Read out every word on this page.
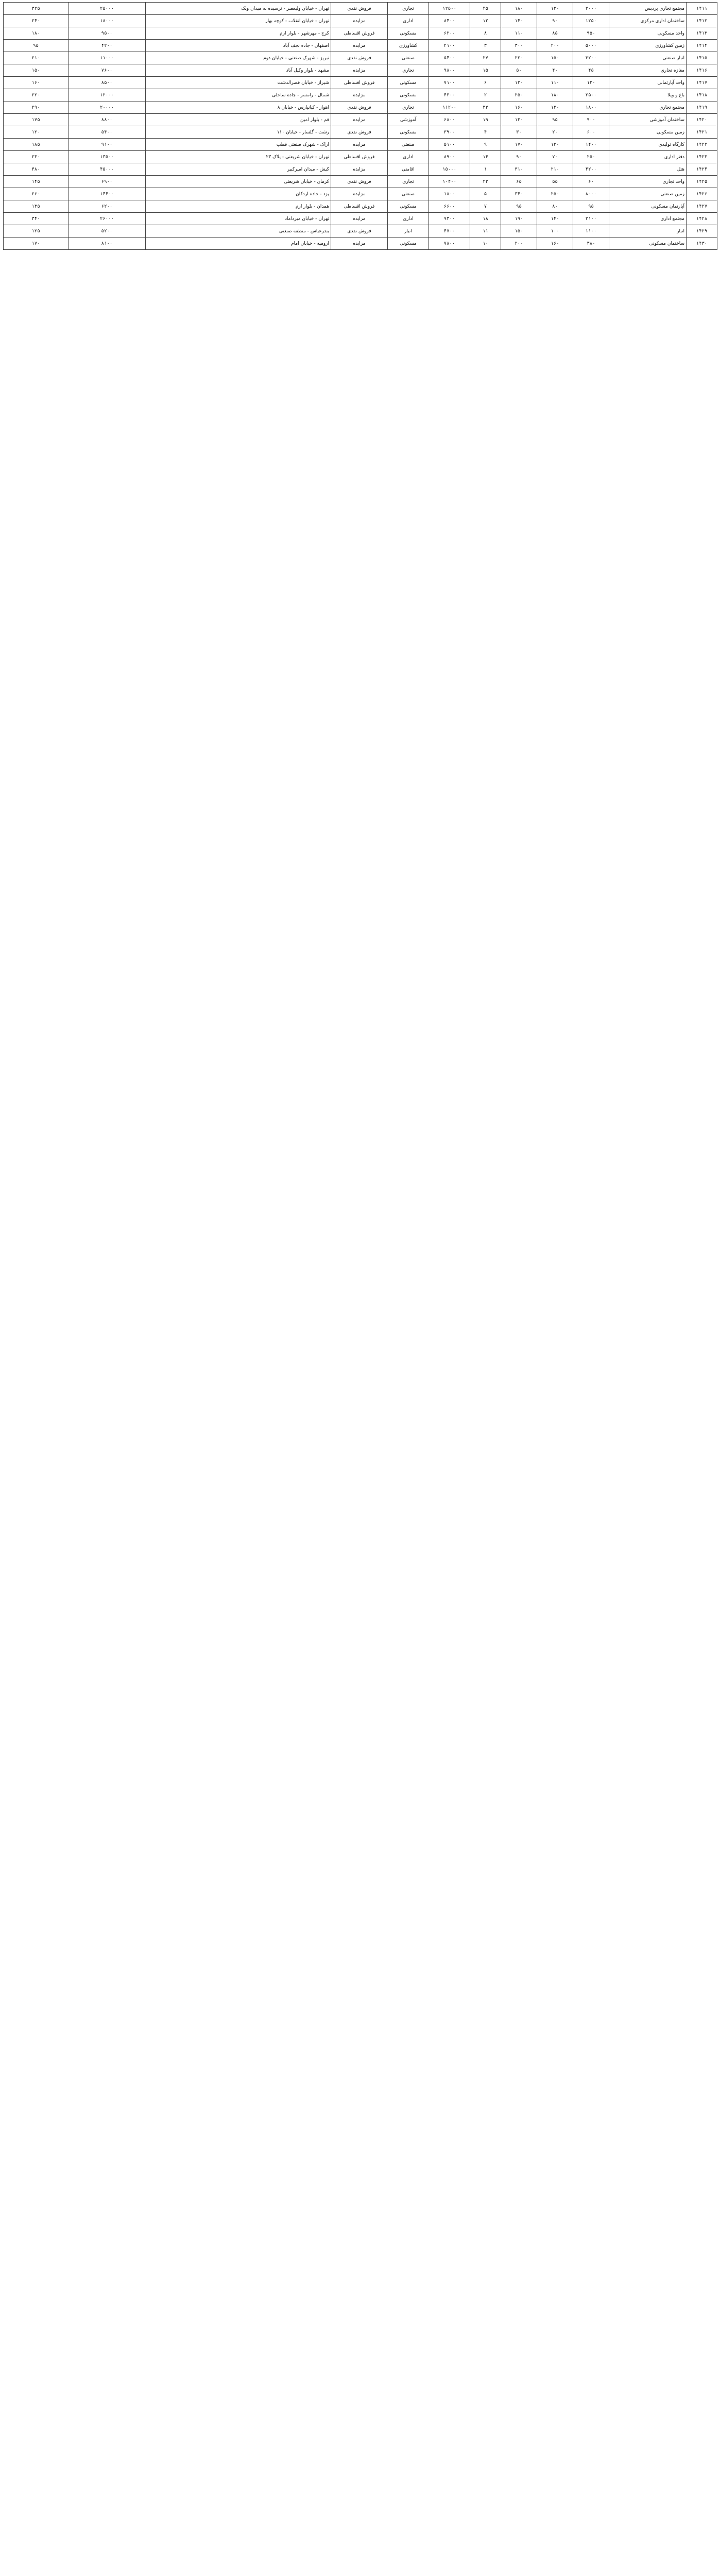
۱۴۱۱	مجتمع تجاری پردیس	۲۰۰۰	۱۲۰	۱۸۰	۴۵	۱۲۵۰۰	تجاری	فروش نقدی	تهران - خیابان ولیعصر - نرسیده به میدان ونک	۲۵۰۰۰	۳۲۵
۱۴۱۲	ساختمان اداری مرکزی	۱۲۵۰	۹۰	۱۴۰	۱۲	۸۴۰۰	اداری	مزایده	تهران - خیابان انقلاب - کوچه بهار	۱۸۰۰۰	۲۴۰
۱۴۱۳	واحد مسکونی	۹۵۰	۸۵	۱۱۰	۸	۶۲۰۰	مسکونی	فروش اقساطی	کرج - مهرشهر - بلوار ارم	۹۵۰۰	۱۸۰
۱۴۱۴	زمین کشاورزی	۵۰۰۰	۲۰۰	۳۰۰	۳	۲۱۰۰	کشاورزی	مزایده	اصفهان - جاده نجف آباد	۴۲۰۰	۹۵
۱۴۱۵	انبار صنعتی	۳۲۰۰	۱۵۰	۲۲۰	۲۷	۵۴۰۰	صنعتی	فروش نقدی	تبریز - شهرک صنعتی - خیابان دوم	۱۱۰۰۰	۲۱۰
۱۴۱۶	مغازه تجاری	۴۵	۴۰	۵۰	۱۵	۹۸۰۰	تجاری	مزایده	مشهد - بلوار وکیل آباد	۷۶۰۰	۱۵۰
۱۴۱۷	واحد آپارتمانی	۱۲۰	۱۱۰	۱۲۰	۶	۷۱۰۰	مسکونی	فروش اقساطی	شیراز - خیابان قصرالدشت	۸۵۰۰	۱۶۰
۱۴۱۸	باغ و ویلا	۲۵۰۰	۱۸۰	۲۵۰	۲	۴۳۰۰	مسکونی	مزایده	شمال - رامسر - جاده ساحلی	۱۲۰۰۰	۲۲۰
۱۴۱۹	مجتمع تجاری	۱۸۰۰	۱۲۰	۱۶۰	۳۳	۱۱۲۰۰	تجاری	فروش نقدی	اهواز - کیانپارس - خیابان ۸	۲۰۰۰۰	۲۹۰
۱۴۲۰	ساختمان آموزشی	۹۰۰	۹۵	۱۳۰	۱۹	۶۸۰۰	آموزشی	مزایده	قم - بلوار امین	۸۸۰۰	۱۷۵
۱۴۲۱	زمین مسکونی	۶۰۰	۲۰	۳۰	۴	۳۹۰۰	مسکونی	فروش نقدی	رشت - گلسار - خیابان ۱۱۰	۵۴۰۰	۱۲۰
۱۴۲۲	کارگاه تولیدی	۱۴۰۰	۱۳۰	۱۷۰	۹	۵۱۰۰	صنعتی	مزایده	اراک - شهرک صنعتی قطب	۹۱۰۰	۱۸۵
۱۴۲۳	دفتر اداری	۲۵۰	۷۰	۹۰	۱۴	۸۹۰۰	اداری	فروش اقساطی	تهران - خیابان شریعتی - پلاک ۲۳	۱۳۵۰۰	۲۳۰
۱۴۲۴	هتل	۴۲۰۰	۲۱۰	۳۱۰	۱	۱۵۰۰۰	اقامتی	مزایده	کیش - میدان امیرکبیر	۴۵۰۰۰	۴۸۰
۱۴۲۵	واحد تجاری	۶۰	۵۵	۶۵	۲۲	۱۰۴۰۰	تجاری	فروش نقدی	کرمان - خیابان شریعتی	۶۹۰۰	۱۴۵
۱۴۲۶	زمین صنعتی	۸۰۰۰	۲۵۰	۳۴۰	۵	۱۸۰۰	صنعتی	مزایده	یزد - جاده اردکان	۱۴۴۰۰	۲۶۰
۱۴۲۷	آپارتمان مسکونی	۹۵	۸۰	۹۵	۷	۶۶۰۰	مسکونی	فروش اقساطی	همدان - بلوار ارم	۶۲۰۰	۱۳۵
۱۴۲۸	مجتمع اداری	۲۱۰۰	۱۴۰	۱۹۰	۱۸	۹۳۰۰	اداری	مزایده	تهران - خیابان میرداماد	۲۶۰۰۰	۳۴۰
۱۴۲۹	انبار	۱۱۰۰	۱۰۰	۱۵۰	۱۱	۴۷۰۰	انبار	فروش نقدی	بندرعباس - منطقه صنعتی	۵۲۰۰	۱۲۵
۱۴۳۰	ساختمان مسکونی	۳۸۰	۱۶۰	۲۰۰	۱۰	۷۸۰۰	مسکونی	مزایده	ارومیه - خیابان امام	۸۱۰۰	۱۷۰
